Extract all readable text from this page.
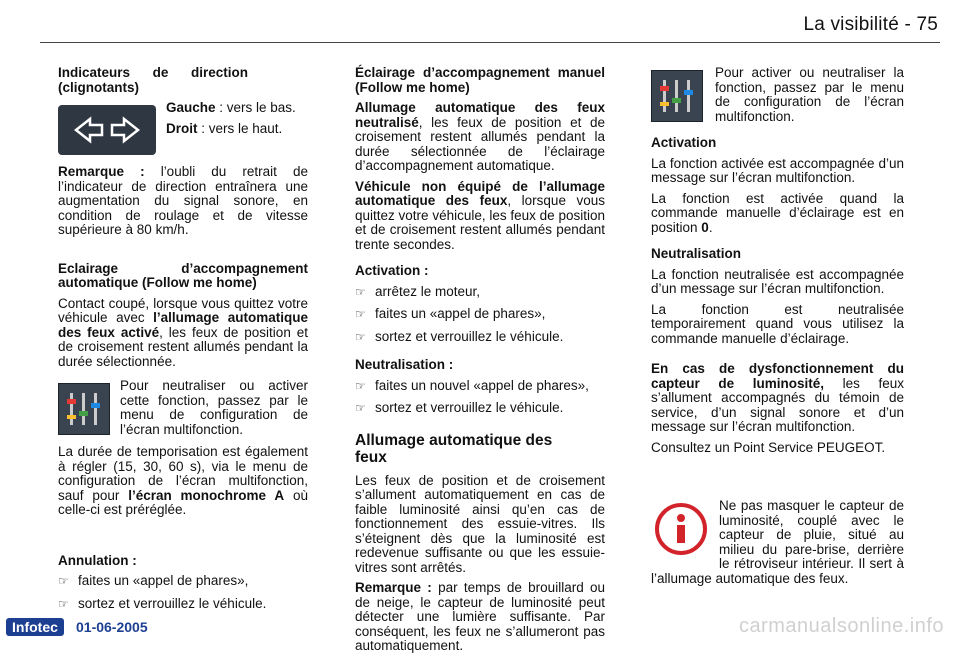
La visibilité - 75

Indicateurs de direction (clignotants)

Gauche : vers le bas.

Droit : vers le haut.

Remarque : l’oubli du retrait de l’indicateur de direction entraînera une augmentation du signal sonore, en condition de roulage et de vitesse supérieure à 80 km/h.

Eclairage d’accompagnement automatique (Follow me home)

Contact coupé, lorsque vous quittez votre véhicule avec l’allumage automatique des feux activé, les feux de position et de croisement restent allumés pendant la durée sélectionnée.

Pour neutraliser ou activer cette fonction, passez par le menu de configuration de l’écran multifonction.

La durée de temporisation est également à régler (15, 30, 60 s), via le menu de configuration de l’écran multifonction, sauf pour l’écran monochrome A où celle-ci est préréglée.

Annulation :

☞ faites un «appel de phares»,
☞ sortez et verrouillez le véhicule.

Éclairage d’accompagnement manuel (Follow me home)

Allumage automatique des feux neutralisé, les feux de position et de croisement restent allumés pendant la durée sélectionnée de l’éclairage d’accompagnement automatique.

Véhicule non équipé de l’allumage automatique des feux, lorsque vous quittez votre véhicule, les feux de position et de croisement restent allumés pendant trente secondes.

Activation :

☞ arrêtez le moteur,
☞ faites un «appel de phares»,
☞ sortez et verrouillez le véhicule.

Neutralisation :

☞ faites un nouvel «appel de phares»,
☞ sortez et verrouillez le véhicule.
Allumage automatique des feux

Les feux de position et de croisement s’allument automatiquement en cas de faible luminosité ainsi qu’en cas de fonctionnement des essuie-vitres. Ils s’éteignent dès que la luminosité est redevenue suffisante ou que les essuie-vitres sont arrêtés.

Remarque : par temps de brouillard ou de neige, le capteur de luminosité peut détecter une lumière suffisante. Par conséquent, les feux ne s’allumeront pas automatiquement.

Pour activer ou neutraliser la fonction, passez par le menu de configuration de l’écran multifonction.

Activation

La fonction activée est accompagnée d’un message sur l’écran multifonction.

La fonction est activée quand la commande manuelle d’éclairage est en position 0.

Neutralisation

La fonction neutralisée est accompagnée d’un message sur l’écran multifonction.

La fonction est neutralisée temporairement quand vous utilisez la commande manuelle d’éclairage.

En cas de dysfonctionnement du capteur de luminosité, les feux s’allument accompagnés du témoin de service, d’un signal sonore et d’un message sur l’écran multifonction.

Consultez un Point Service PEUGEOT.

Ne pas masquer le capteur de luminosité, couplé avec le capteur de pluie, situé au milieu du pare-brise, derrière le rétroviseur intérieur. Il sert à l’allumage automatique des feux.

Infotec	01-06-2005	carmanualsonline.info
